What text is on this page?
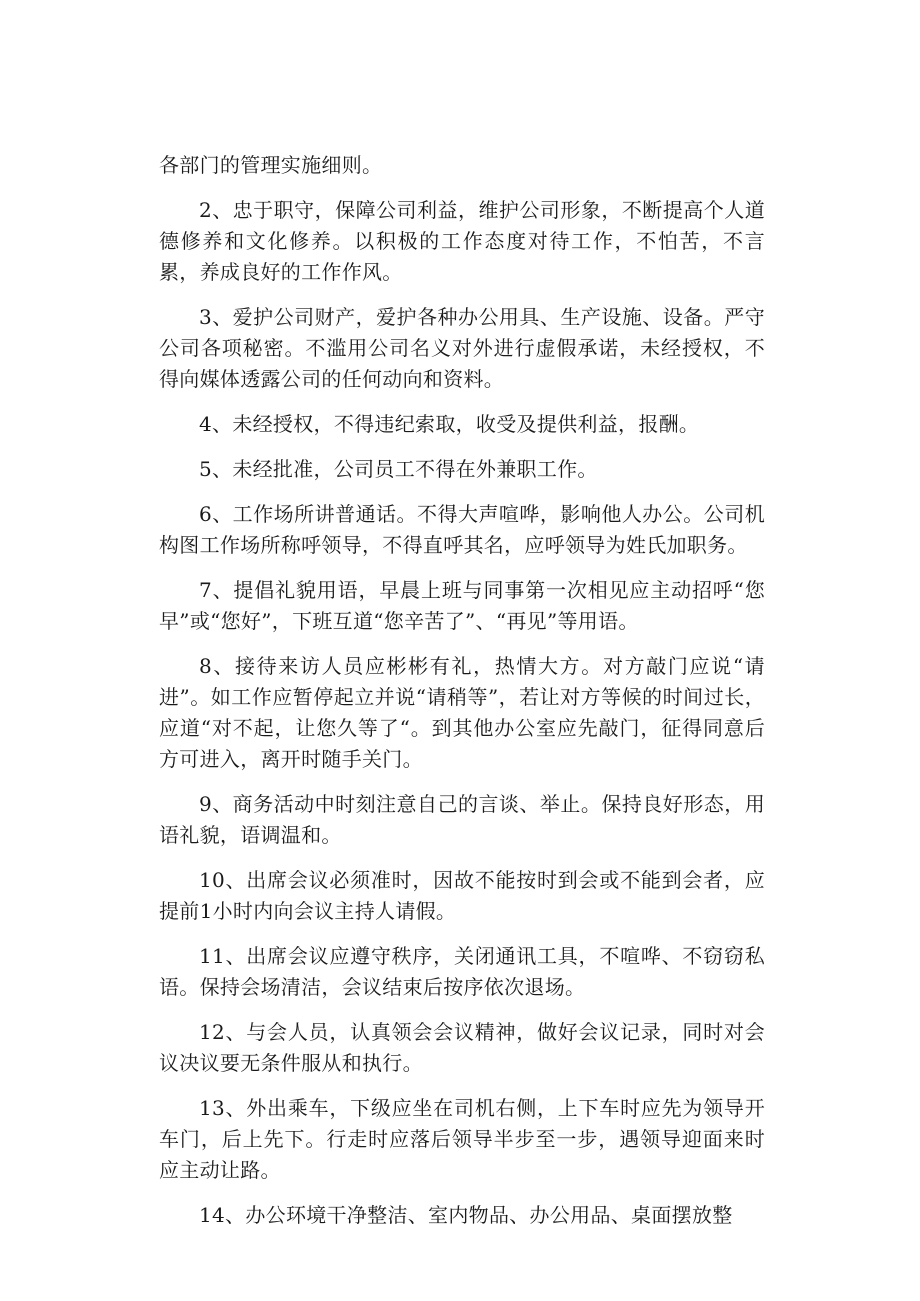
各部门的管理实施细则。

2、忠于职守，保障公司利益，维护公司形象，不断提高个人道德修养和文化修养。以积极的工作态度对待工作，不怕苦，不言累，养成良好的工作作风。

3、爱护公司财产，爱护各种办公用具、生产设施、设备。严守公司各项秘密。不滥用公司名义对外进行虚假承诺，未经授权，不得向媒体透露公司的任何动向和资料。

4、未经授权，不得违纪索取，收受及提供利益，报酬。

5、未经批准，公司员工不得在外兼职工作。

6、工作场所讲普通话。不得大声喧哗，影响他人办公。公司机构图工作场所称呼领导，不得直呼其名，应呼领导为姓氏加职务。

7、提倡礼貌用语，早晨上班与同事第一次相见应主动招呼“您早”或“您好”，下班互道“您辛苦了”、“再见”等用语。

8、接待来访人员应彬彬有礼，热情大方。对方敲门应说“请进”。如工作应暂停起立并说“请稍等”，若让对方等候的时间过长，应道“对不起，让您久等了“。到其他办公室应先敲门，征得同意后方可进入，离开时随手关门。

9、商务活动中时刻注意自己的言谈、举止。保持良好形态，用语礼貌，语调温和。

10、出席会议必须准时，因故不能按时到会或不能到会者，应提前1小时内向会议主持人请假。

11、出席会议应遵守秩序，关闭通讯工具，不喧哗、不窃窃私语。保持会场清洁，会议结束后按序依次退场。

12、与会人员，认真领会会议精神，做好会议记录，同时对会议决议要无条件服从和执行。

13、外出乘车，下级应坐在司机右侧，上下车时应先为领导开车门，后上先下。行走时应落后领导半步至一步，遇领导迎面来时应主动让路。

14、办公环境干净整洁、室内物品、办公用品、桌面摆放整
